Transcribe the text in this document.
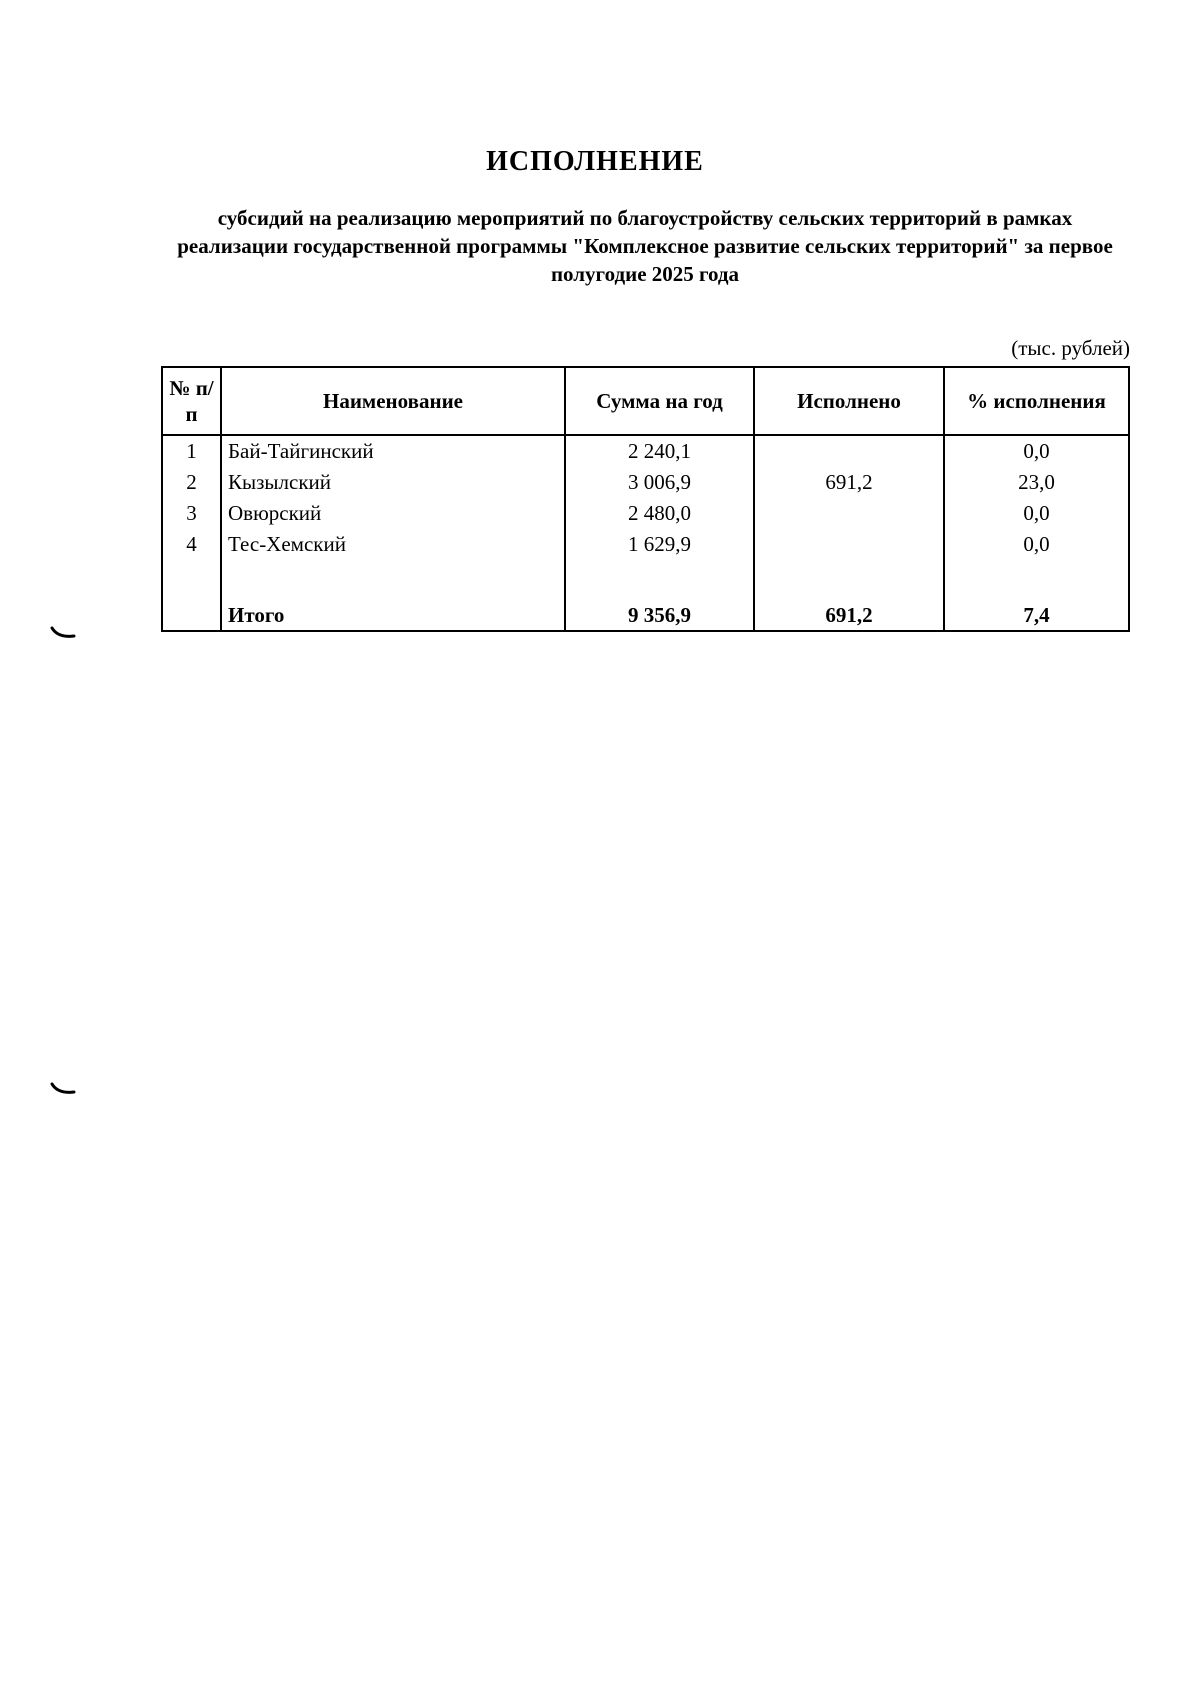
ИСПОЛНЕНИЕ
субсидий на реализацию мероприятий по благоустройству сельских территорий в рамках реализации государственной программы "Комплексное развитие сельских территорий" за первое полугодие 2025 года
(тыс. рублей)
№ п/п	Наименование	Сумма на год	Исполнено	% исполнения
1	Бай-Тайгинский	2 240,1		0,0
2	Кызылский	3 006,9	691,2	23,0
3	Овюрский	2 480,0		0,0
4	Тес-Хемский	1 629,9		0,0

	Итого	9 356,9	691,2	7,4
